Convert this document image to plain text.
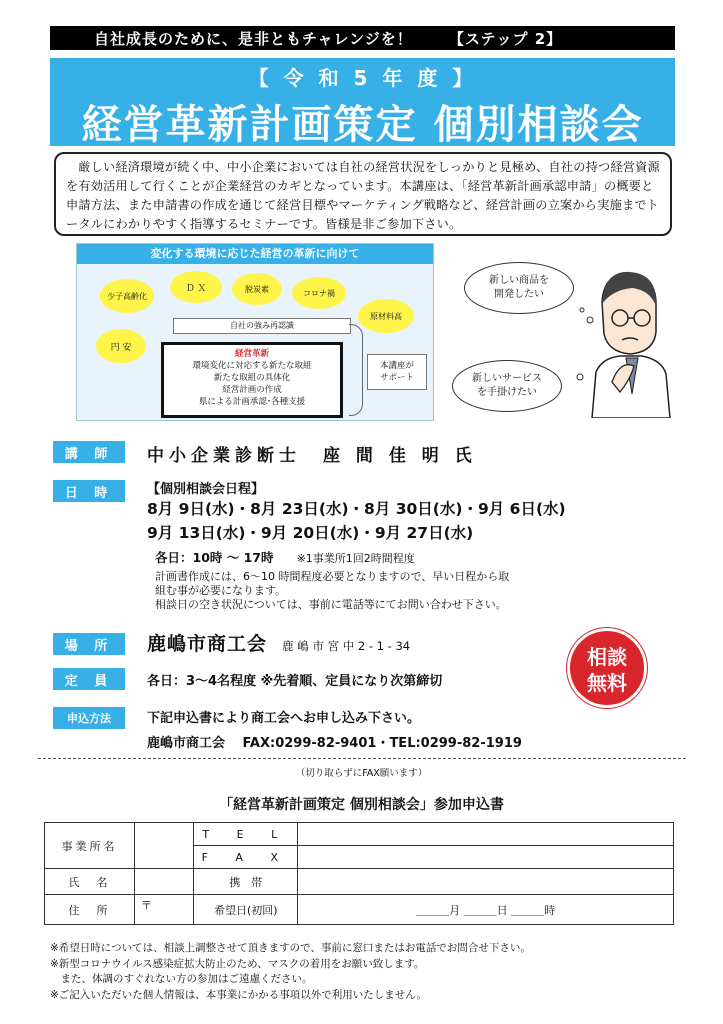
自社成長のために、是非ともチャレンジを！ 【ステップ 2】
【 令 和 5 年 度 】
経営革新計画策定 個別相談会
厳しい経済環境が続く中、中小企業においては自社の経営状況をしっかりと見極め、自社の持つ経営資源を有効活用して行くことが企業経営のカギとなっています。本講座は、「経営革新計画承認申請」の概要と申請方法、また申請書の作成を通じて経営目標やマーケティング戦略など、経営計画の立案から実施までトータルにわかりやすく指導するセミナーです。皆様是非ご参加下さい。
変化する環境に応じた経営の革新に向けて
少子高齢化
Ｄ Ｘ	脱炭素	コロナ禍
原材料高
円 安
自社の強み再認識
経営革新
環境変化に対応する新たな取組
新たな取組の具体化
経営計画の作成
県による計画承認･各種支援
本講座が
サポート
新しい商品を
開発したい
新しいサービス
を手掛けたい
講 師	中小企業診断士　座 間 佳 明 氏
日 時	【個別相談会日程】
8月 9日(水)・8月 23日(水)・8月 30日(水)・9月 6日(水)
9月 13日(水)・9月 20日(水)・9月 27日(水)
各日：10時 ～ 17時 ※1事業所1回2時間程度
計画書作成には、6～10 時間程度必要となりますので、早い日程から取
組む事が必要になります。
相談日の空き状況については、事前に電話等にてお問い合わせ下さい。
場 所	鹿嶋市商工会 鹿 嶋 市 宮 中 2 - 1 - 34
定 員	各日：3～4名程度 ※先着順、定員になり次第締切
申込方法	下記申込書により商工会へお申し込み下さい。
鹿嶋市商工会　 FAX:0299-82-9401・TEL:0299-82-1919
相談
無料
（切り取らずにFAX願います）
「経営革新計画策定 個別相談会」参加申込書
事業所名		T E L	
		F A X	
氏　名		携　帯	
住　所	〒	希望日(初回)	＿＿＿月 ＿＿＿日 ＿＿＿時
※希望日時については、相談上調整させて頂きますので、事前に窓口またはお電話でお問合せ下さい。
※新型コロナウイルス感染症拡大防止のため、マスクの着用をお願い致します。
　また、体調のすぐれない方の参加はご遠慮ください。
※ご記入いただいた個人情報は、本事業にかかる事項以外で利用いたしません。
